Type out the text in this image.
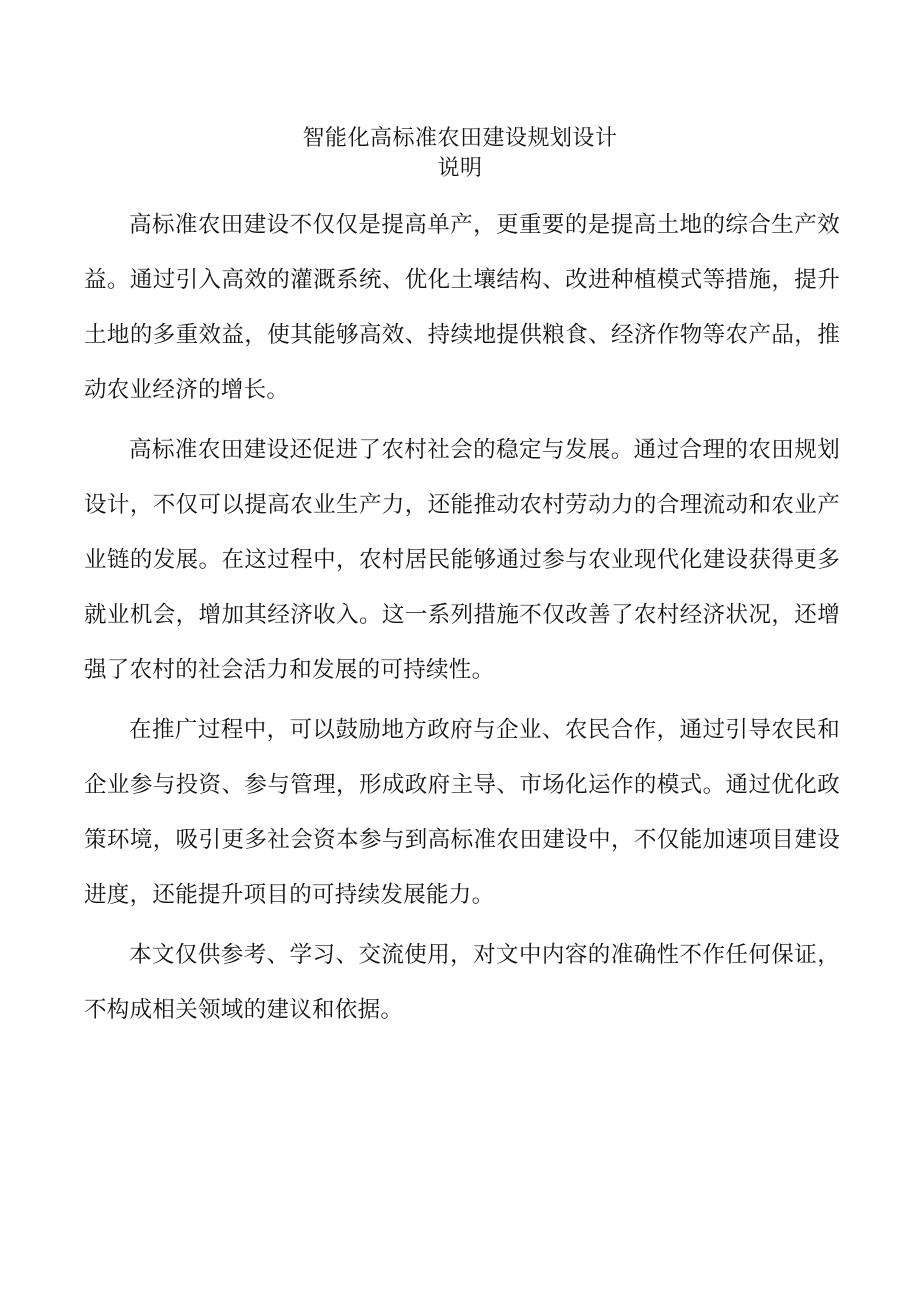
智能化高标准农田建设规划设计
说明

高标准农田建设不仅仅是提高单产，更重要的是提高土地的综合生产效益。通过引入高效的灌溉系统、优化土壤结构、改进种植模式等措施，提升土地的多重效益，使其能够高效、持续地提供粮食、经济作物等农产品，推动农业经济的增长。

高标准农田建设还促进了农村社会的稳定与发展。通过合理的农田规划设计，不仅可以提高农业生产力，还能推动农村劳动力的合理流动和农业产业链的发展。在这过程中，农村居民能够通过参与农业现代化建设获得更多就业机会，增加其经济收入。这一系列措施不仅改善了农村经济状况，还增强了农村的社会活力和发展的可持续性。

在推广过程中，可以鼓励地方政府与企业、农民合作，通过引导农民和企业参与投资、参与管理，形成政府主导、市场化运作的模式。通过优化政策环境，吸引更多社会资本参与到高标准农田建设中，不仅能加速项目建设进度，还能提升项目的可持续发展能力。

本文仅供参考、学习、交流使用，对文中内容的准确性不作任何保证，不构成相关领域的建议和依据。
